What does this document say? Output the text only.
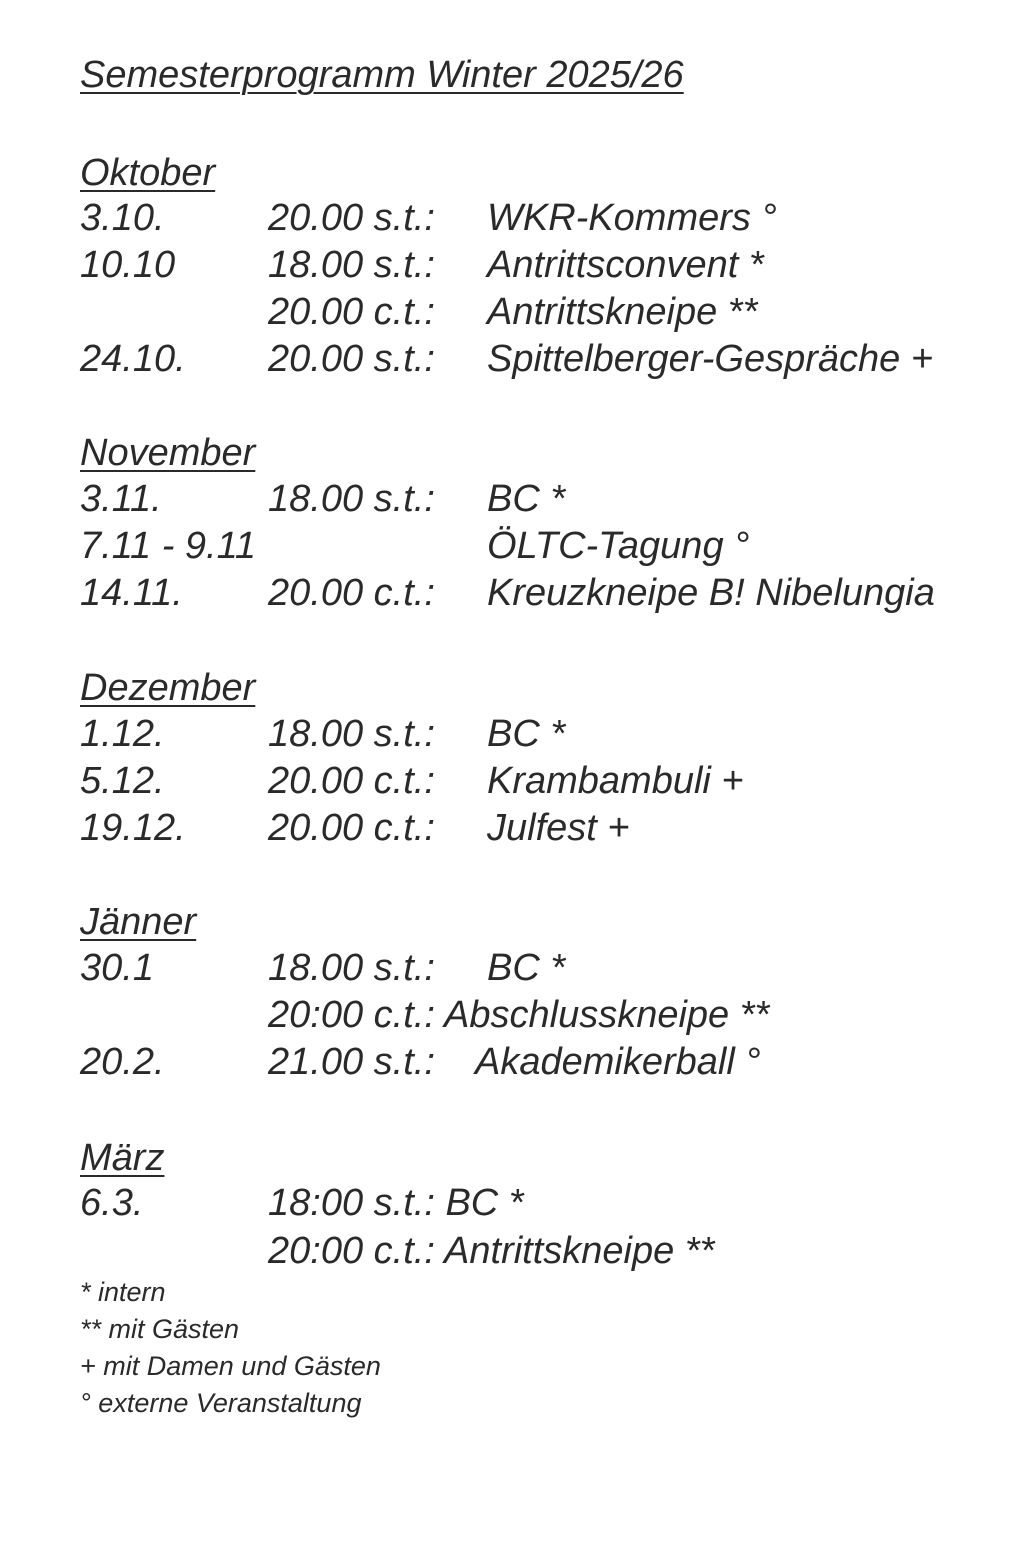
Semesterprogramm Winter 2025/26
Oktober
3.10.	20.00 s.t.: WKR-Kommers °
10.10 18.00 s.t.: Antrittsconvent *
20.00 c.t.: Antrittskneipe **
24.10. 20.00 s.t.: Spittelberger-Gespräche +
November
3.11.	18.00 s.t.: BC *
7.11 - 9.11	ÖLTC-Tagung °
14.11. 20.00 c.t.: Kreuzkneipe B! Nibelungia
Dezember
1.12.	18.00 s.t.: BC *
5.12.	20.00 c.t.: Krambambuli +
19.12. 20.00 c.t.: Julfest +
Jänner
30.1	18.00 s.t.: BC *
20:00 c.t.: Abschlusskneipe **
20.2.	21.00 s.t.: Akademikerball °
März
6.3.	18:00 s.t.: BC *
20:00 c.t.: Antrittskneipe **
* intern
** mit Gästen
+ mit Damen und Gästen
° externe Veranstaltung
